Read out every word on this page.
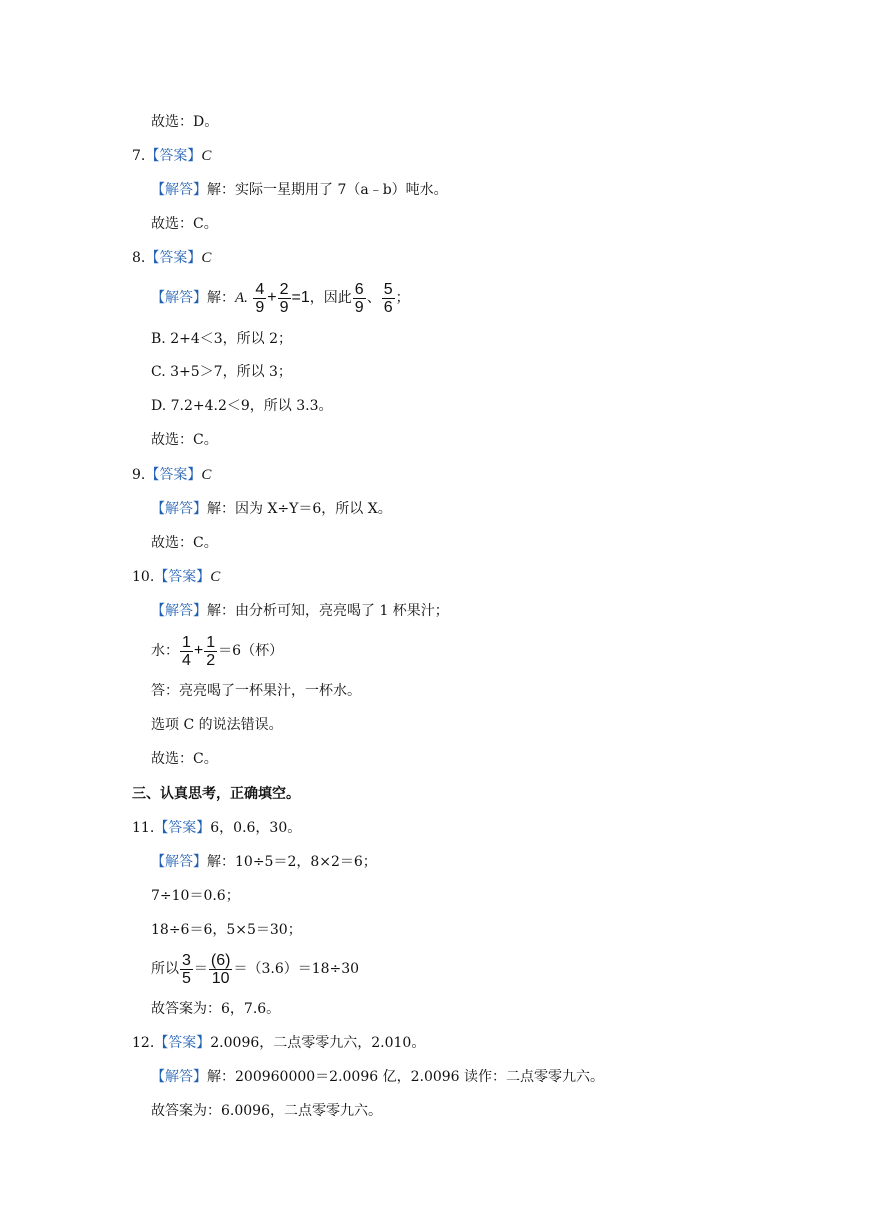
故选：D。
7.【答案】C
【解答】解：实际一星期用了 7（a﹣b）吨水。
故选：C。
8.【答案】C
【解答】解：A. $\frac{4}{9} + \frac{2}{9} =1$，因此 $\frac{6}{9}$ 、 $\frac{5}{6}$ ；
B. 2+4＜3，所以 2；
C. 3+5＞7，所以 3；
D. 7.2+4.2＜9，所以 3.3。
故选：C。
9.【答案】C
【解答】解：因为 X÷Y＝6，所以 X。
故选：C。
10.【答案】C
【解答】解：由分析可知，亮亮喝了 1 杯果汁；
水： $\frac{1}{4} + \frac{1}{2} =6$（杯）
答：亮亮喝了一杯果汁，一杯水。
选项 C 的说法错误。
故选：C。
三、认真思考，正确填空。
11.【答案】6，0.6，30。
【解答】解：10÷5＝2，8×2＝6；
7÷10＝0.6；
18÷6＝6，5×5＝30；
所以 $\frac{3}{5} = \frac{(6)}{10} =(3.6)=18\div 30$
故答案为：6，7.6。
12.【答案】2.0096，二点零零九六，2.010。
【解答】解：200960000＝2.0096 亿，2.0096 读作：二点零零九六。
故答案为：6.0096，二点零零九六。
